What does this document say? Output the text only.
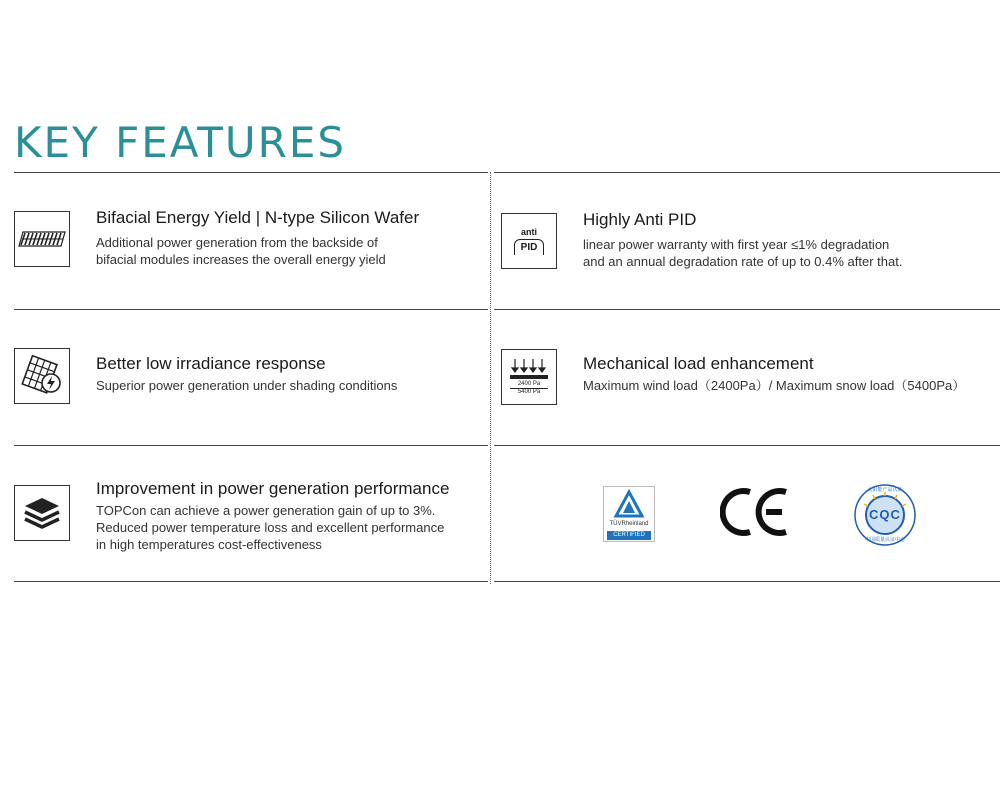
KEY FEATURES
Bifacial Energy Yield | N-type Silicon Wafer
Additional power generation from the backside of
bifacial modules increases the overall energy yield
anti
PID
Highly Anti PID
linear power warranty with first year ≤1% degradation
and an annual degradation rate of up to 0.4% after that.
Better low irradiance response
Superior power generation under shading conditions	2400 Pa
5400 Pa
Mechanical load enhancement
Maximum wind load（2400Pa）/ Maximum snow load（5400Pa）
Improvement in power generation performance
TOPCon can achieve a power generation gain of up to 3%.
Reduced power temperature loss and excellent performance
in high temperatures cost-effectiveness
TÜVRheinland
CERTIFIED
太阳能产品认证
CQC
中国质量认证中心
